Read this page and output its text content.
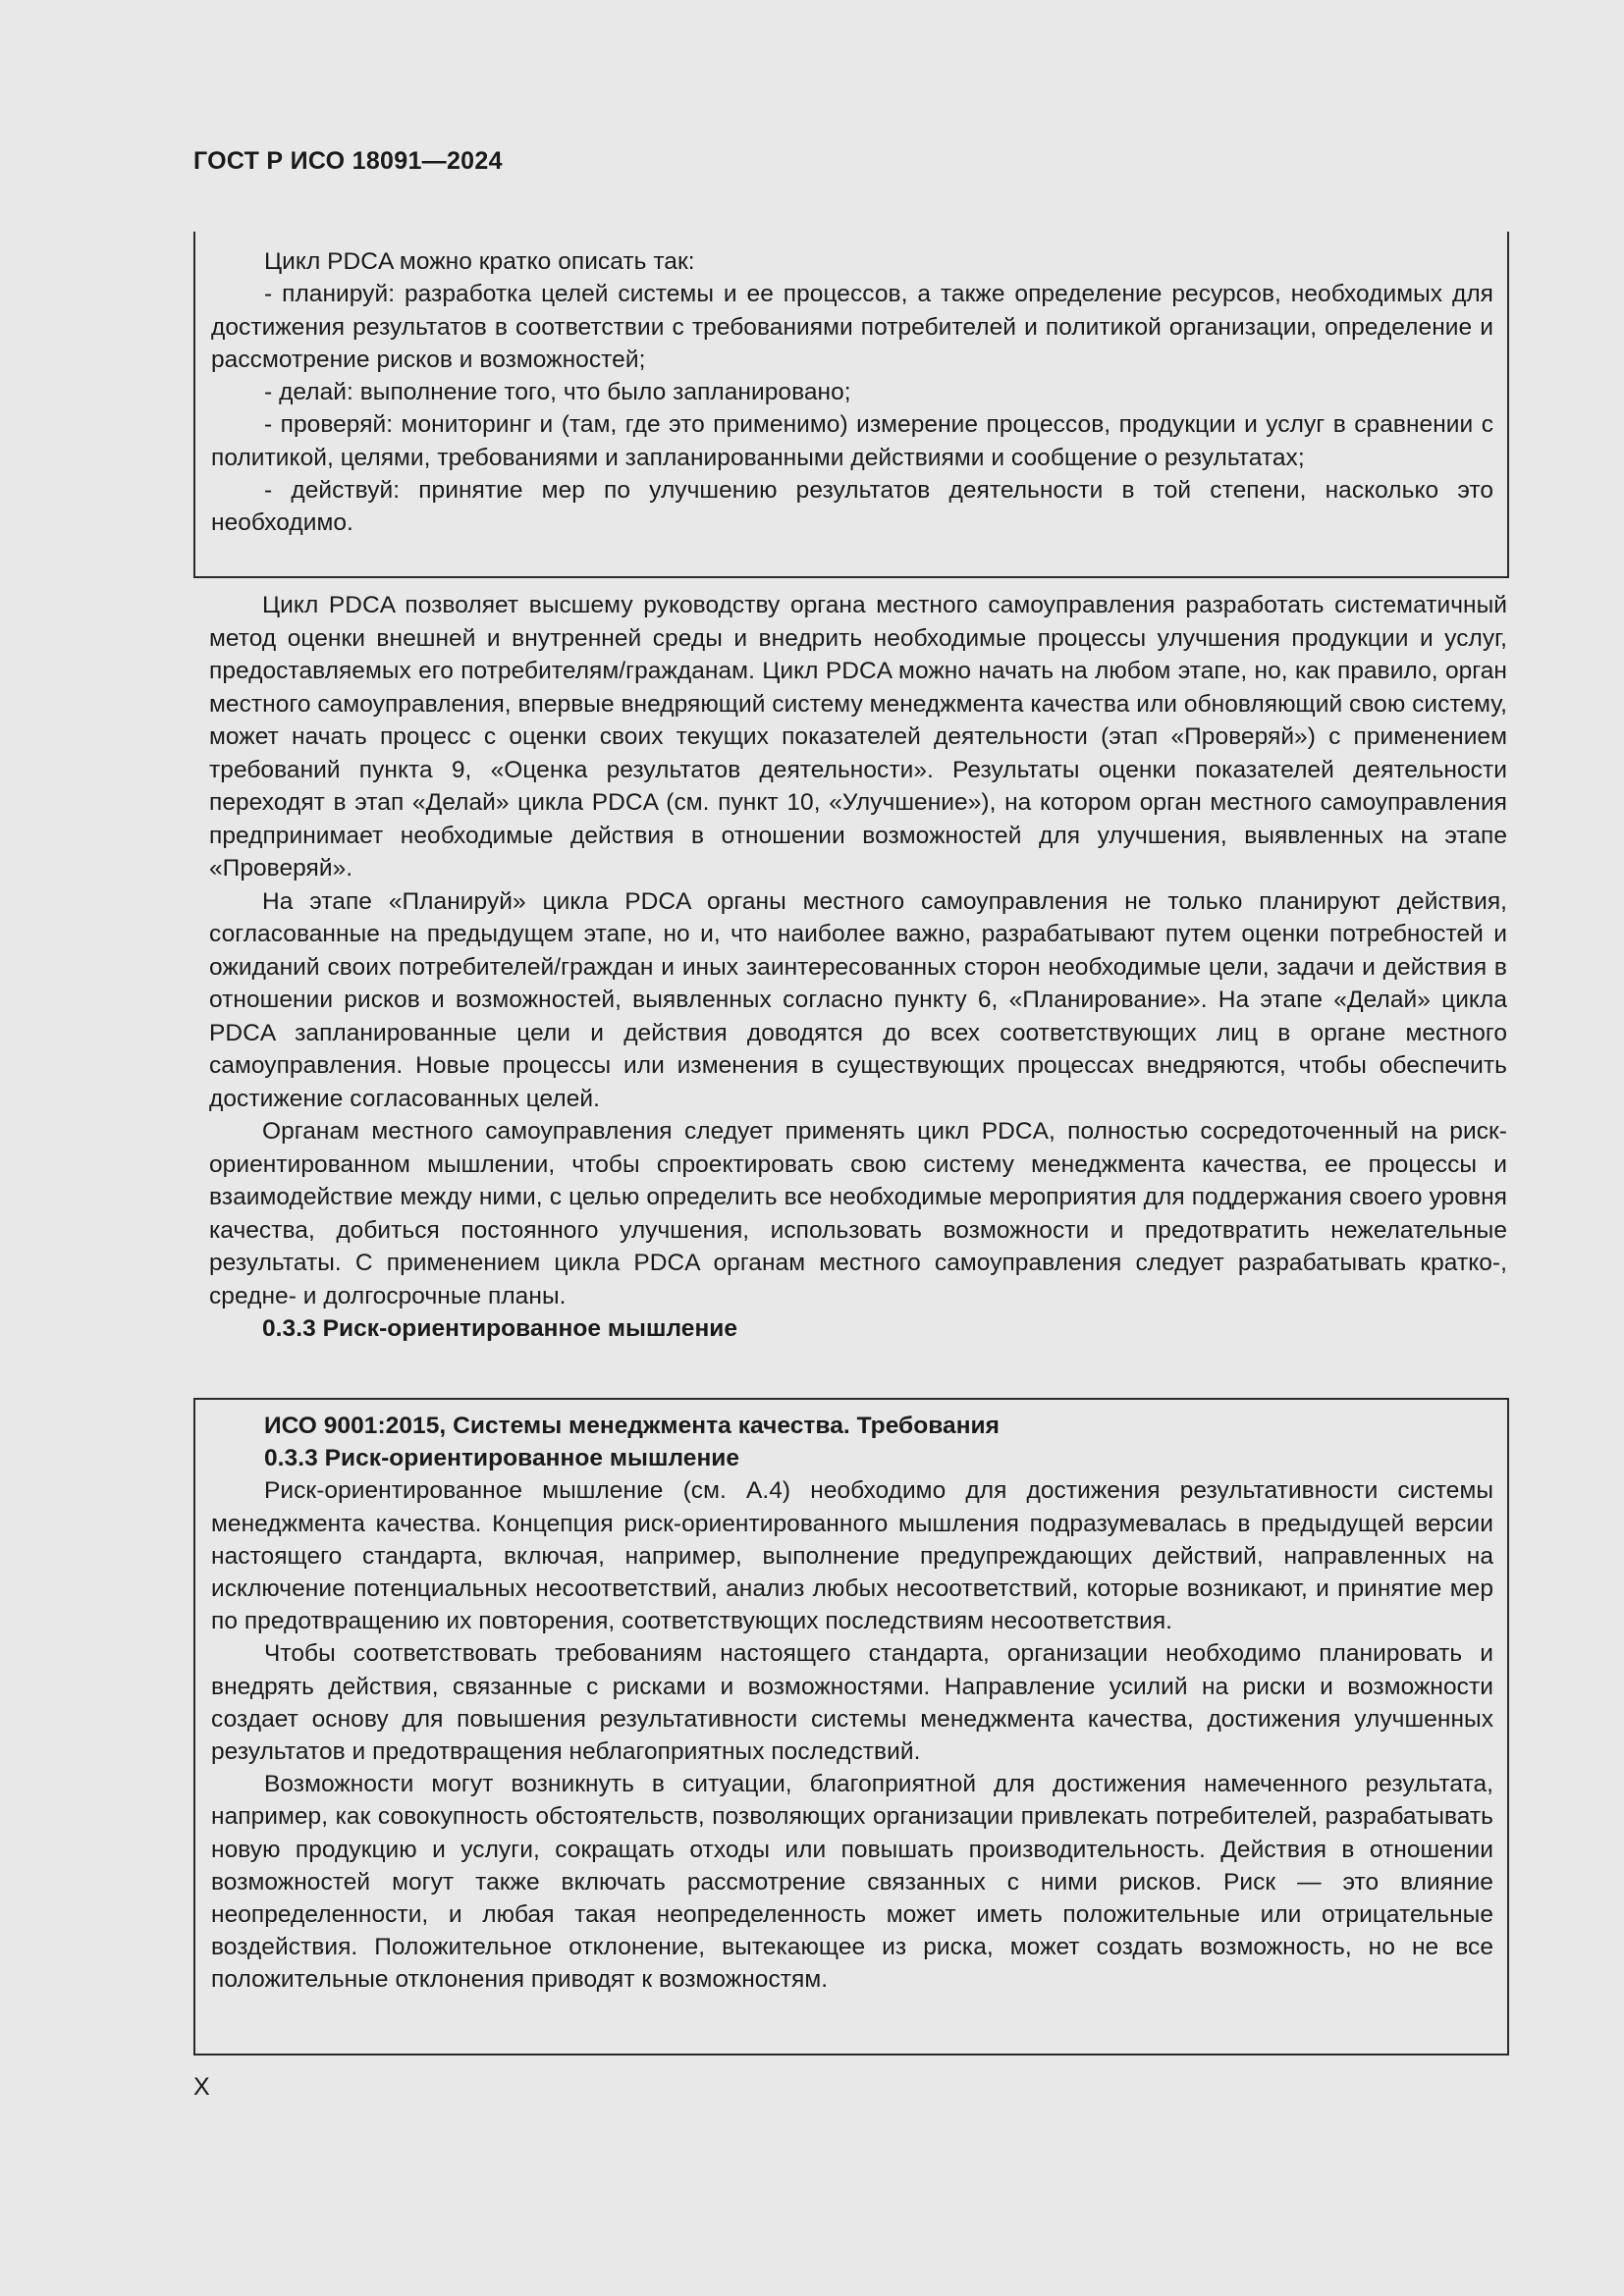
ГОСТ Р ИСО 18091—2024

Цикл PDCA можно кратко описать так:

- планируй: разработка целей системы и ее процессов, а также определение ресурсов, необходимых для достижения результатов в соответствии с требованиями потребителей и политикой организации, определение и рассмотрение рисков и возможностей;

- делай: выполнение того, что было запланировано;

- проверяй: мониторинг и (там, где это применимо) измерение процессов, продукции и услуг в сравнении с политикой, целями, требованиями и запланированными действиями и сообщение о результатах;

- действуй: принятие мер по улучшению результатов деятельности в той степени, насколько это необходимо.

Цикл PDCA позволяет высшему руководству органа местного самоуправления разработать систематичный метод оценки внешней и внутренней среды и внедрить необходимые процессы улучшения продукции и услуг, предоставляемых его потребителям/гражданам. Цикл PDCA можно начать на любом этапе, но, как правило, орган местного самоуправления, впервые внедряющий систему менеджмента качества или обновляющий свою систему, может начать процесс с оценки своих текущих показателей деятельности (этап «Проверяй») с применением требований пункта 9, «Оценка результатов деятельности». Результаты оценки показателей деятельности переходят в этап «Делай» цикла PDCA (см. пункт 10, «Улучшение»), на котором орган местного самоуправления предпринимает необходимые действия в отношении возможностей для улучшения, выявленных на этапе «Проверяй».

На этапе «Планируй» цикла PDCA органы местного самоуправления не только планируют действия, согласованные на предыдущем этапе, но и, что наиболее важно, разрабатывают путем оценки потребностей и ожиданий своих потребителей/граждан и иных заинтересованных сторон необходимые цели, задачи и действия в отношении рисков и возможностей, выявленных согласно пункту 6, «Планирование». На этапе «Делай» цикла PDCA запланированные цели и действия доводятся до всех соответствующих лиц в органе местного самоуправления. Новые процессы или изменения в существующих процессах внедряются, чтобы обеспечить достижение согласованных целей.

Органам местного самоуправления следует применять цикл PDCA, полностью сосредоточенный на риск-ориентированном мышлении, чтобы спроектировать свою систему менеджмента качества, ее процессы и взаимодействие между ними, с целью определить все необходимые мероприятия для поддержания своего уровня качества, добиться постоянного улучшения, использовать возможности и предотвратить нежелательные результаты. С применением цикла PDCA органам местного самоуправления следует разрабатывать кратко-, средне- и долгосрочные планы.

0.3.3 Риск-ориентированное мышление

ИСО 9001:2015, Системы менеджмента качества. Требования

0.3.3 Риск-ориентированное мышление

Риск-ориентированное мышление (см. А.4) необходимо для достижения результативности системы менеджмента качества. Концепция риск-ориентированного мышления подразумевалась в предыдущей версии настоящего стандарта, включая, например, выполнение предупреждающих действий, направленных на исключение потенциальных несоответствий, анализ любых несоответствий, которые возникают, и принятие мер по предотвращению их повторения, соответствующих последствиям несоответствия.

Чтобы соответствовать требованиям настоящего стандарта, организации необходимо планировать и внедрять действия, связанные с рисками и возможностями. Направление усилий на риски и возможности создает основу для повышения результативности системы менеджмента качества, достижения улучшенных результатов и предотвращения неблагоприятных последствий.

Возможности могут возникнуть в ситуации, благоприятной для достижения намеченного результата, например, как совокупность обстоятельств, позволяющих организации привлекать потребителей, разрабатывать новую продукцию и услуги, сокращать отходы или повышать производительность. Действия в отношении возможностей могут также включать рассмотрение связанных с ними рисков. Риск — это влияние неопределенности, и любая такая неопределенность может иметь положительные или отрицательные воздействия. Положительное отклонение, вытекающее из риска, может создать возможность, но не все положительные отклонения приводят к возможностям.

X
